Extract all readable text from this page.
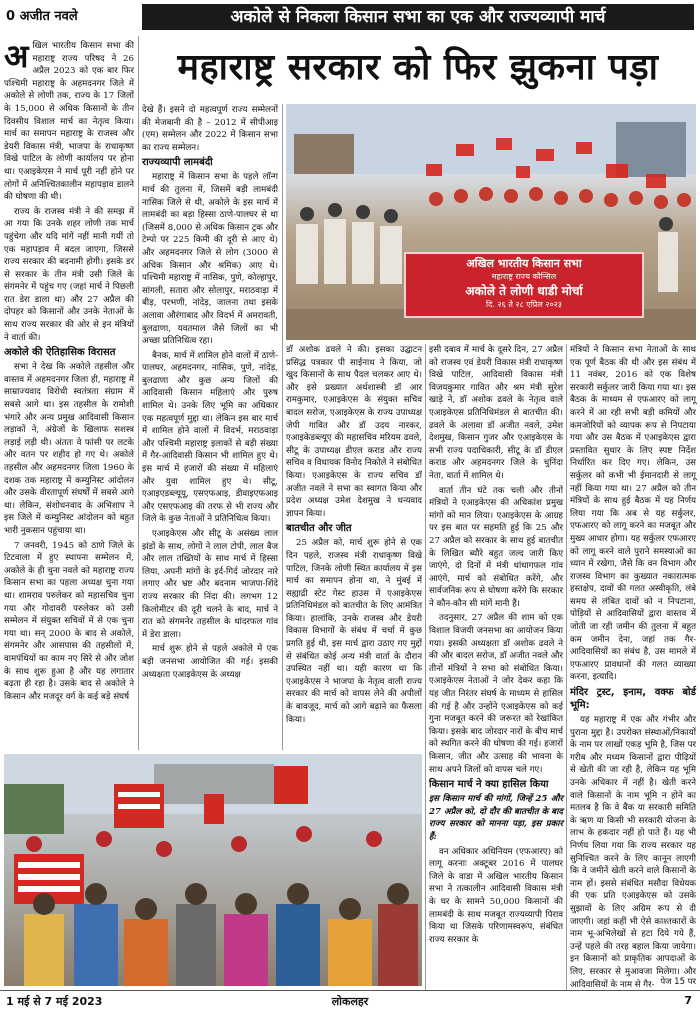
0 अजीत नवले	अकोले से निकला किसान सभा का एक और राज्यव्यापी मार्च
महाराष्ट्र सरकार को फिर झुकना पड़ा
अ खिल भारतीय किसान सभा की महाराष्ट्र राज्य परिषद ने 26 अप्रैल 2023 को एक बार फिर पश्चिमी महाराष्ट्र के अहमदनगर जिले में अकोले से लोणी तक, राज्य के 17 जिलों के 15,000 से अधिक किसानों के तीन दिवसीय विशाल मार्च का नेतृत्व किया। मार्च का समापन महाराष्ट्र के राजस्व और डेयरी विकास मंत्री, भाजपा के राधाकृष्ण विखे पाटिल के लोणी कार्यालय पर होना था। एआइकेएस ने मार्च पूरी नहीं होने पर लोगों में अनिश्चितकालीन महापड़ाव डालने की घोषणा की थी।

राज्य के राजस्व मंत्री ने की समझ में आ गया कि उनके शहर लोणी तक मार्च पहुंचेगा और यदि मांगें नहीं मानी गयीं तो एक महापड़ाव में बदल जाएगा, जिससे राज्य सरकार की बदनामी होगी। इसके डर से सरकार के तीन मंत्री उसी जिले के संगमनेर में पहुंच गए (जहां मार्च ने पिछली रात डेरा डाला था) और 27 अप्रैल की दोपहर को किसानों और उनके नेताओं के साथ राज्य सरकार की ओर से इन मंत्रियों ने वार्ता की।

अकोले की ऐतिहासिक विरासत

सभा ने देख कि अकोले तहसील और वास्तव में अहमदनगर जिला ही, महाराष्ट्र में साम्राज्यवाद विरोधी स्वतंत्रता संग्राम में सबसे आगे था। इस तहसील के रामोशी भंगारे और अन्य प्रमुख आदिवासी किसान लड़ाकों ने, अंग्रेजों के खिलाफ सशस्त्र लड़ाई लड़ी थी। अंततः वे फांसी पर लटके और वतन पर शहीद हो गए थे। अकोले तहसील और अहमदनगर जिला 1960 के दशक तक महाराष्ट्र में कम्युनिस्ट आंदोलन और उसके वीरतापूर्ण संघर्षों में सबसे आगे था। लेकिन, संशोधनवाद के अभिशाप ने इस जिले में कम्युनिस्ट आंदोलन को बहुत भारी नुकसान पहुंचाया था।

7 जनवरी, 1945 को ठाणे जिले के टिटवाला में हुए स्थापना सम्मेलन में, अकोले के ही चुना नवले को महाराष्ट्र राज्य किसान सभा का पहला अध्यक्ष चुना गया था। शामराव परुलेकर को महासचिव चुना गया और गोदावरी परुलेकर को उसी सम्मेलन में संयुक्त सचिवों में से एक चुना गया था। सन् 2000 के बाद से अकोले, संगमनेर और आसपास की तहसीलों में, वामपंथियों का काम नए सिरे से और जोश के साथ शुरू हुआ है और यह लगातार बढ़ता ही रहा है। उसके बाद से अकोले ने किसान और मजदूर वर्ग के कई बड़े संघर्ष

देखे हैं। इसने दो महत्वपूर्ण राज्य सम्मेलनों की मेजबानी की है – 2012 में सीपीआइ (एम) सम्मेलन और 2022 में किसान सभा का राज्य सम्मेलन।

राज्यव्यापी लामबंदी

महाराष्ट्र में किसान सभा के पहले लॉन्ग मार्च की तुलना में, जिसमें बड़ी लामबंदी नासिक जिले से थी, अकोले के इस मार्च में लामबंदी का बड़ा हिस्सा ठाणे-पालघर से था (जिसमें 8,000 से अधिक किसान ट्रक और टेम्पो पर 225 किमी की दूरी से आए थे) और अहमदनगर जिले से लोग (3000 से अधिक किसान और श्रमिक) आए थे। पश्चिमी महाराष्ट्र में नासिक, पुणे, कोल्हापुर, सांगली, सतारा और सोलापुर, मराठवाड़ा में बीड़, परभणी, नांदेड़, जालना तथा इसके अलावा औरंगाबाद और विदर्भ में अमरावती, बुलढाणा, यवतमाल जैसे जिलों का भी अच्छा प्रतिनिधित्व रहा।

बैनक, मार्च में शामिल होने वालों में ठाणे-पालघर, अहमदनगर, नासिक, पुणे, नांदेड़, बुलढाणा और कुछ अन्य जिलों की आदिवासी किसान महिलाएं और पुरुष शामिल थे। उनके लिए भूमि का अधिकार एक महत्वपूर्ण मुद्दा था। लेकिन इस बार मार्च में शामिल होने वालों में विदर्भ, मराठवाड़ा और पश्चिमी महाराष्ट्र इलाकों से बड़ी संख्या में गैर-आदिवासी किसान भी शामिल हुए थे। इस मार्च में हजारों की संख्या में महिलाएं और युवा शामिल हुए थे। सीटू, एआइएडब्ल्यूयू, एसएफआइ, डीवाइएफआइ और एसएफआइ की तरफ से भी राज्य और जिले के कुछ नेताओं ने प्रतिनिधित्व किया।

एआइकेएस और सीटू के असंख्य लाल झंडों के साथ, लोगों ने लाल टोपी, लाल बैज और लाल तख्तियों के साथ मार्च में हिस्सा लिया, अपनी मांगों के इर्द-गिर्द जोरदार नारे लगाए और भ्रष्ट और बदनाम भाजपा-शिंदे राज्य सरकार की निंदा की। लगभग 12 किलोमीटर की दूरी चलने के बाद, मार्च ने रात को संगमनेर तहसील के धांदरफल गांव में डेरा डाला।

मार्च शुरू होने से पहले अकोले में एक बड़ी जनसभा आयोजित की गई। इसकी अध्यक्षता एआइकेएस के अध्यक्ष

अखिल भारतीय किसान सभा
महाराष्ट्र राज्य कौन्सिल
अकोले ते लोणी धाडी मोर्चा
दि. २६ ते २८ एप्रिल २०२३

डॉ अशोक ढवले ने की। इसका उद्घाटन प्रसिद्ध पत्रकार पी साईनाथ ने किया, जो खुद किसानों के साथ पैदल चलकर आए थे। और इसे प्रख्यात अर्थशास्त्री डॉ आर रामकुमार, एआइकेएस के संयुक्त सचिव बादल सरोज, एआइकेएस के राज्य उपाध्यक्ष जेपी गावित और डॉ उदय नारकर, एआइकेडब्ल्यूए की महासचिव मरियम ढवले, सीटू के उपाध्यक्ष डीएल कराड और राज्य सचिव व विधायक विनोद निकोले ने संबोधित किया। एआइकेएस के राज्य सचिव डॉ अजीत नवले ने सभा का स्वागत किया और प्रदेश अध्यक्ष उमेश देशमुख ने धन्यवाद ज्ञापन किया।

बातचीत और जीत

25 अप्रैल को, मार्च शुरू होने से एक दिन पहले, राजस्व मंत्री राधाकृष्ण विखे पाटिल, जिनके लोणी स्थित कार्यालय में इस मार्च का समापन होना था, ने मुंबई में सह्याद्री स्टेट गेस्ट हाउस में एआइकेएस प्रतिनिधिमंडल को बातचीत के लिए आमंत्रित किया। हालांकि, उनके राजस्व और डेयरी विकास विभागों के संबंध में चर्चा में कुछ प्रगति हुई थी, इस मार्च द्वारा उठाए गए मुद्दों से संबंधित कोई अन्य मंत्री वार्ता के दौरान उपस्थित नहीं था। यही कारण था कि एआइकेएस ने भाजपा के नेतृत्व वाली राज्य सरकार की मार्च को वापस लेने की अपीलों के बावजूद, मार्च को आगे बढ़ाने का फैसला किया।

इसी दबाव में मार्च के दूसरे दिन, 27 अप्रैल को राजस्व एवं डेयरी विकास मंत्री राधाकृष्ण विखे पाटिल, आदिवासी विकास मंत्री विजयकुमार गावित और श्रम मंत्री सुरेश खाड़े ने, डॉ अशोक ढवले के नेतृत्व वाले एआइकेएस प्रतिनिधिमंडल से बातचीत की। ढवले के अलावा डॉ अजीत नवले, उमेश देशमुख, किसान गुजर और एआइकेएस के सभी राज्य पदाधिकारी, सीटू के डॉ डीएल कराड और अहमदनगर जिले के चुनिंदा नेता, वार्ता में शामिल थे।

वार्ता तीन घंटे तक चली और तीनों मंत्रियों ने एआइकेएस की अधिकांश प्रमुख मांगों को मान लिया। एआइकेएस के आग्रह पर इस बात पर सहमति हुई कि 25 और 27 अप्रैल को सरकार के साथ हुई बातचीत के लिखित ब्यौरे बहुत जल्द जारी किए जाएंगे, दो दिनों में मंत्री धांधागफल गांव आएंगे, मार्च को संबोधित करेंगे, और सार्वजनिक रूप से घोषणा करेंगे कि सरकार ने कौन-कौन सी मांगें मानी हैं।

तदनुसार, 27 अप्रैल की शाम को एक विशाल विजयी जनसभा का आयोजन किया गया। इसकी अध्यक्षता डॉ अशोक ढवले ने की और बादल सरोज, डॉ अजीत नवले और तीनों मंत्रियों ने सभा को संबोधित किया। एआइकेएस नेताओं ने जोर देकर कहा कि यह जीत निरंतर संघर्ष के माध्यम से हासिल की गई है और उन्होंने एआइकेएस को कई गुना मजबूत करने की जरूरत को रेखांकित किया। इसके बाद जोरदार नारों के बीच मार्च को स्थगित करने की घोषणा की गई। हजारों किसान, जीत और उत्साह की भावना के साथ अपने जिलों को वापस चले गए।

किसान मार्च ने क्या हासिल किया

इस किसान मार्च की मांगों, जिन्हें 25 और 27 अप्रैल को, दो दौर की बातचीत के बाद राज्य सरकार को मानना पड़ा, इस प्रकार हैं:

वन अधिकार अधिनियम (एफआरए) को लागू करनाः अक्टूबर 2016 में पालघर जिले के वाडा में अखिल भारतीय किसान सभा ने तत्कालीन आदिवासी विकास मंत्री के घर के सामने 50,000 किसानों की लामबंदी के साथ मजबूत राज्यव्यापी पिराव किया था जिसके परिणामस्वरूप, संबंधित राज्य सरकार के

मंत्रियों ने किसान सभा नेताओं के साथ एक पूर्ण बैठक की थी और इस संबंध में 11 नवंबर, 2016 को एक विशेष सरकारी सर्कुलर जारी किया गया था। इस बैठक के माध्यम से एफआरए को लागू करने में आ रही सभी बड़ी कमियों और कमजोरियों को व्यापक रूप से निपटाया गया और उस बैठक में एआइकेएस द्वारा प्रस्तावित सुधार के लिए स्पष्ट निर्देश निर्धारित कर दिए गए। लेकिन, उस सर्कुलर को कभी भी ईमानदारी से लागू नहीं किया गया था। 27 अप्रैल को तीन मंत्रियों के साथ हुई बैठक में यह निर्णय लिया गया कि अब से यह सर्कुलर, एफआरए को लागू करने का मजबूत और मुख्य आधार होगा। यह सर्कुलर एफआरए को लागू करने वाले पुराने समस्याओं का ध्यान में रखेगा, जैसे कि वन विभाग और राजस्व विभाग का कुख्यात नकारात्मक हस्तक्षेप, दावों की गलत अस्वीकृति, लंबे समय से लंबित दावों को न निपटाना, पोड़ियों से आदिवासियों द्वारा वास्तव में जोती जा रही जमीन की तुलना में बहुत कम जमीन देना, जहां तक गैर-आदिवासियों का संबंध है, उस मामले में एफआरए प्रावधानों की गलत व्याख्या करना, इत्यादि।

मंदिर ट्रस्ट, इनाम, वक्फ बोर्ड भूमि:

यह महाराष्ट्र में एक और गंभीर और पुराना मुद्दा है। उपरोक्त संस्थाओं/निकायों के नाम पर लाखों एकड़ भूमि है, जिस पर गरीब और मध्यम किसानों द्वारा पीढ़ियों से खेती की जा रही है, लेकिन यह भूमि उनके अधिकार में नहीं है। खेती करने वाले किसानों के नाम भूमि न होने का मतलब है कि वे बैंक या सरकारी समिति के ऋण या किसी भी सरकारी योजना के लाभ के हकदार नहीं हो पाते हैं। यह भी निर्णय लिया गया कि राज्य सरकार यह सुनिश्चित करने के लिए कानून लाएगी कि वे जमीनें खेती करने वाले किसानों के नाम हों। इससे संबंधित मसौदा विधेयक की एक प्रति एआइकेएस को उसके सुझावों के लिए अग्रिम रूप से दी जाएगी। जहां कहीं भी ऐसे काश्तकारों के नाम भू-अभिलेखों से हटा दिये गये हैं, उन्हें पहले की तरह बहाल किया जायेगा। इन किसानों को प्राकृतिक आपदाओं के लिए, सरकार से मुआवजा मिलेगा। और आदिवासियों के नाम से गैर- पेज 15 पर
1 मई से 7 मई 2023	लोकलहर	7
